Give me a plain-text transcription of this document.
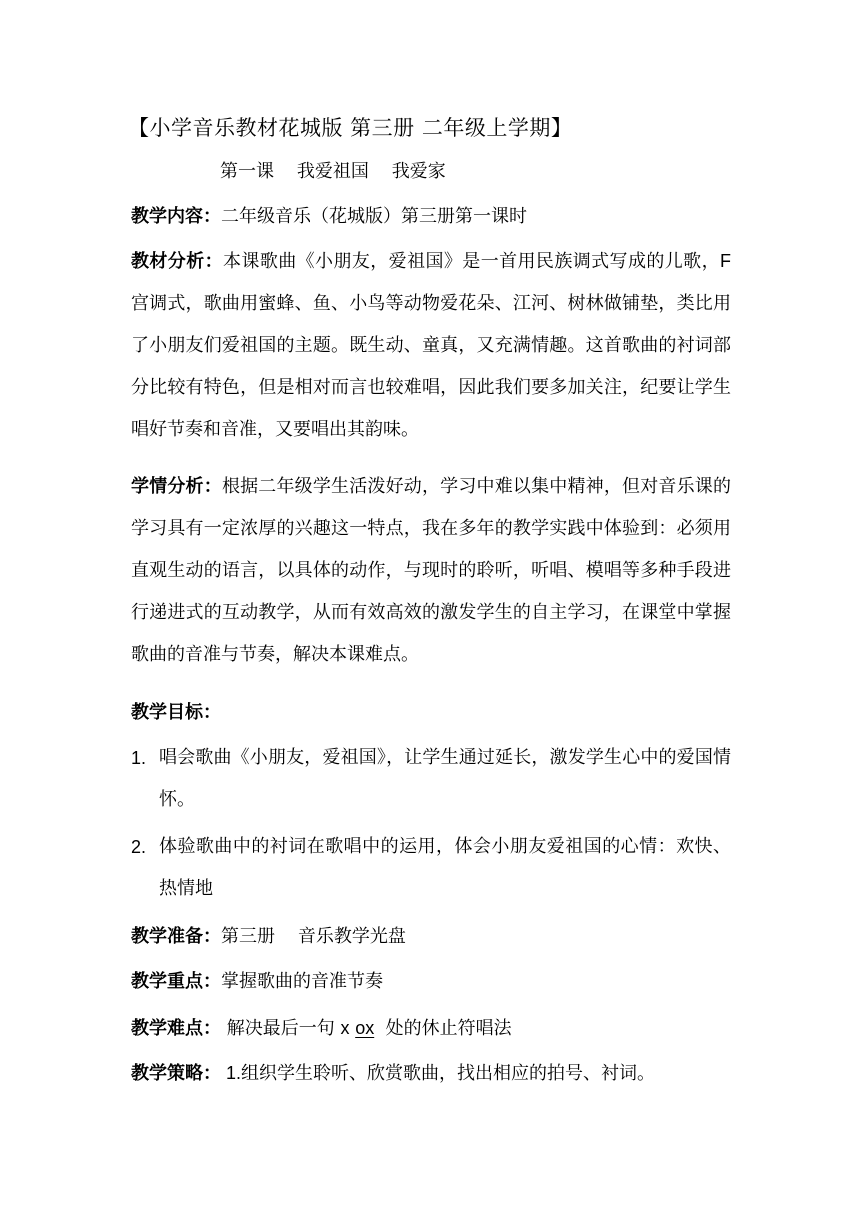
【小学音乐教材花城版 第三册 二年级上学期】
第一课    我爱祖国    我爱家
教学内容：二年级音乐（花城版）第三册第一课时
教材分析：本课歌曲《小朋友，爱祖国》是一首用民族调式写成的儿歌，F 宫调式，歌曲用蜜蜂、鱼、小鸟等动物爱花朵、江河、树林做铺垫，类比用了小朋友们爱祖国的主题。既生动、童真，又充满情趣。这首歌曲的衬词部分比较有特色，但是相对而言也较难唱，因此我们要多加关注，纪要让学生唱好节奏和音准，又要唱出其韵味。
学情分析：根据二年级学生活泼好动，学习中难以集中精神，但对音乐课的学习具有一定浓厚的兴趣这一特点，我在多年的教学实践中体验到：必须用直观生动的语言，以具体的动作，与现时的聆听，听唱、模唱等多种手段进行递进式的互动教学，从而有效高效的激发学生的自主学习，在课堂中掌握歌曲的音准与节奏，解决本课难点。
教学目标：
1. 唱会歌曲《小朋友，爱祖国》，让学生通过延长，激发学生心中的爱国情怀。
2. 体验歌曲中的衬词在歌唱中的运用，体会小朋友爱祖国的心情：欢快、热情地
教学准备：第三册    音乐教学光盘
教学重点：掌握歌曲的音准节奏
教学难点： 解决最后一句 x ox  处的休止符唱法
教学策略： 1.组织学生聆听、欣赏歌曲，找出相应的拍号、衬词。
